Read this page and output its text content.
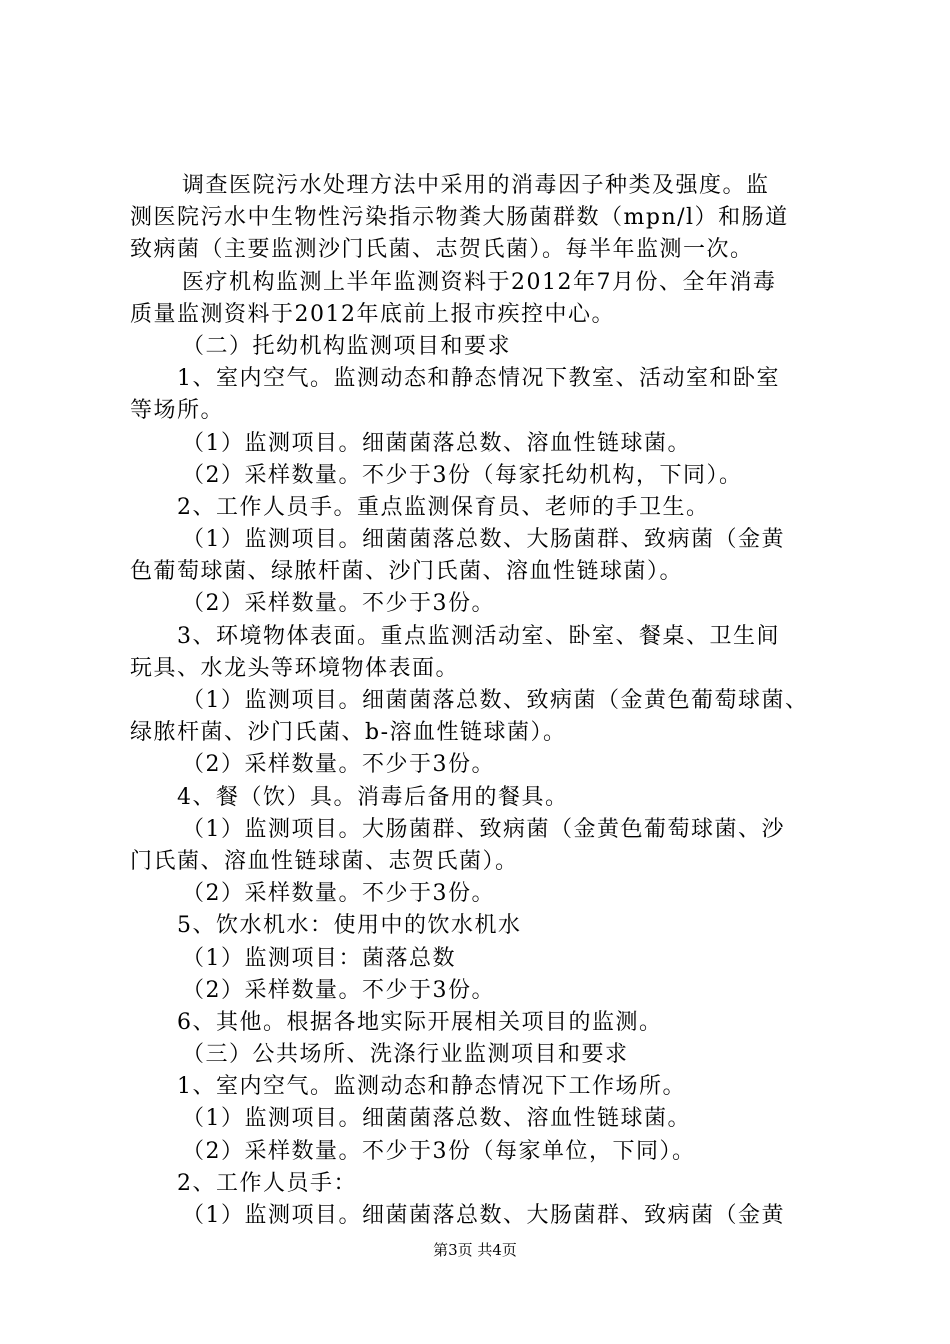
调查医院污水处理方法中采用的消毒因子种类及强度。监
测医院污水中生物性污染指示物粪大肠菌群数（mpn/l）和肠道
致病菌（主要监测沙门氏菌、志贺氏菌）。每半年监测一次。
医疗机构监测上半年监测资料于2012年7月份、全年消毒
质量监测资料于2012年底前上报市疾控中心。
（二）托幼机构监测项目和要求
1、室内空气。监测动态和静态情况下教室、活动室和卧室
等场所。
（1）监测项目。细菌菌落总数、溶血性链球菌。
（2）采样数量。不少于3份（每家托幼机构，下同）。
2、工作人员手。重点监测保育员、老师的手卫生。
（1）监测项目。细菌菌落总数、大肠菌群、致病菌（金黄
色葡萄球菌、绿脓杆菌、沙门氏菌、溶血性链球菌）。
（2）采样数量。不少于3份。
3、环境物体表面。重点监测活动室、卧室、餐桌、卫生间
玩具、水龙头等环境物体表面。
（1）监测项目。细菌菌落总数、致病菌（金黄色葡萄球菌、
绿脓杆菌、沙门氏菌、b-溶血性链球菌）。
（2）采样数量。不少于3份。
4、餐（饮）具。消毒后备用的餐具。
（1）监测项目。大肠菌群、致病菌（金黄色葡萄球菌、沙
门氏菌、溶血性链球菌、志贺氏菌）。
（2）采样数量。不少于3份。
5、饮水机水：使用中的饮水机水
（1）监测项目：菌落总数
（2）采样数量。不少于3份。
6、其他。根据各地实际开展相关项目的监测。
（三）公共场所、洗涤行业监测项目和要求
1、室内空气。监测动态和静态情况下工作场所。
（1）监测项目。细菌菌落总数、溶血性链球菌。
（2）采样数量。不少于3份（每家单位，下同）。
2、工作人员手：
（1）监测项目。细菌菌落总数、大肠菌群、致病菌（金黄
第3页 共4页
